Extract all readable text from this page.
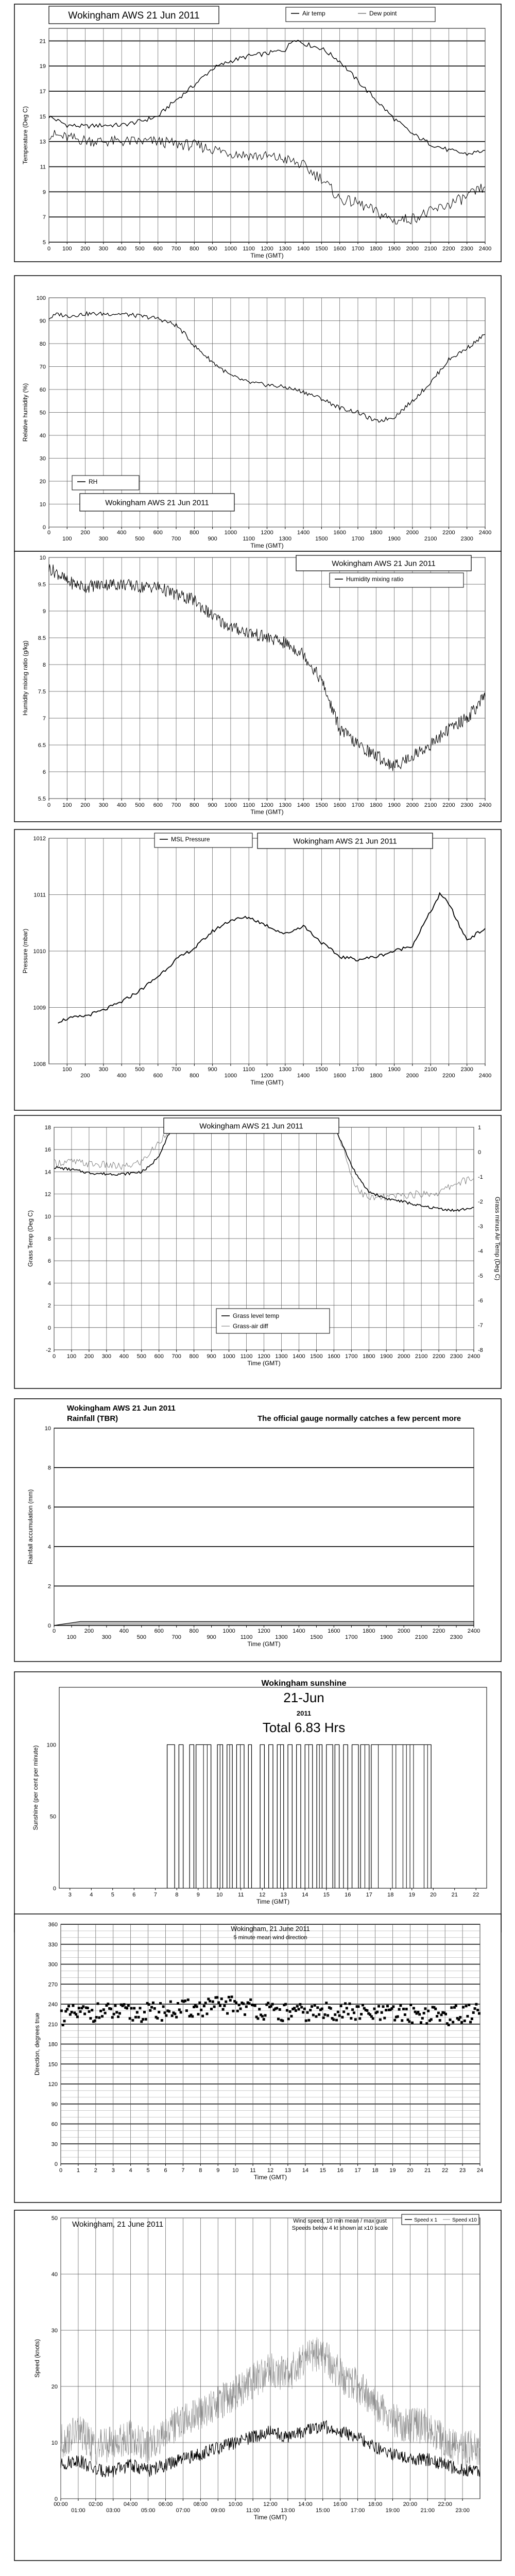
5
7
9
11
13
15
17
19
21
0 100 200 300 400 500 600 700 800 900 1000 1100 1200 1300 1400 1500 1600 1700 1800 1900 2000 2100 2200 2300 2400
Time (GMT)
Temperature (Deg C)
Wokingham AWS 21 Jun 2011	Air temp	Dew point
0
10
20
30
40
50
60
70
80
90
100
0
100
200
300
400
500
600
700
800
900
1000
1100
1200
1300
1400
1500
1600
1700
1800
1900
2000
2100
2200
2300
2400
Time (GMT)
Relative humidity (%)
RH
Wokingham AWS 21 Jun 2011
5.5
6
6.5
7
7.5
8
8.5
9
9.5
10
0 100 200 300 400 500 600 700 800 900 1000 1100 1200 1300 1400 1500 1600 1700 1800 1900 2000 2100 2200 2300 2400
Time (GMT)
Humidity mixing ratio (g/kg)
Wokingham AWS 21 Jun 2011
Humidity mixing ratio
1008
1009
1010
1011
1012
100
200
300
400
500
600
700
800
900
1000
1100
1200
1300
1400
1500
1600
1700
1800
1900
2000
2100
2200
2300
2400
Time (GMT)
Pressure (mbar)
MSL Pressure	Wokingham AWS 21 Jun 2011
-2
0
2
4
6
8
10
12
14
16
18
0 100 200 300 400 500 600 700 800 900 1000 1100 1200 1300 1400 1500 1600 1700 1800 1900 2000 2100 2200 2300 2400
Time (GMT)
Grass Temp (Deg C)
-8
-7
-6
-5
-4
-3
-2
-1
0
1
Grass minus Air Temp (Deg C)
Wokingham AWS 21 Jun 2011
Grass level temp
Grass-air diff
0
2
4
6
8
10
0
100
200
300
400
500
600
700
800
900
1000
1100
1200
1300
1400
1500
1600
1700
1800
1900
2000
2100
2200
2300
2400
Time (GMT)
Rainfall accumulation (mm)
Wokingham AWS 21 Jun 2011
Rainfall (TBR)	The official gauge normally catches a few percent more
0
50
100
3	4	5	6	7	8	9	10	11	12	13	14	15	16	17	18	19	20	21	22
Time (GMT)
Sunshine (per cent per minute)
Wokingham sunshine
21-Jun
2011
Total 6.83 Hrs
0
30
60
90
120
150
180
210
240
270
300
330
360
0	1	2	3	4	5	6	7	8	9 10 11 12 13 14 15 16 17 18 19 20 21 22 23 24
Time (GMT)
Direction, degrees true
Wokingham, 21 June 2011
5 minute mean wind direction
0
10
20
30
40
50
00:00
01:00
02:00
03:00
04:00
05:00
06:00
07:00
08:00
09:00
10:00
11:00
12:00
13:00
14:00
15:00
16:00
17:00
18:00
19:00
20:00
21:00
22:00
23:00
Time (GMT)
Speed (knots)
Wokingham, 21 June 2011	Wind speed, 10 min mean / max gust
Speeds below 4 kt shown at x10 scale
Speed x 1	Speed x10
